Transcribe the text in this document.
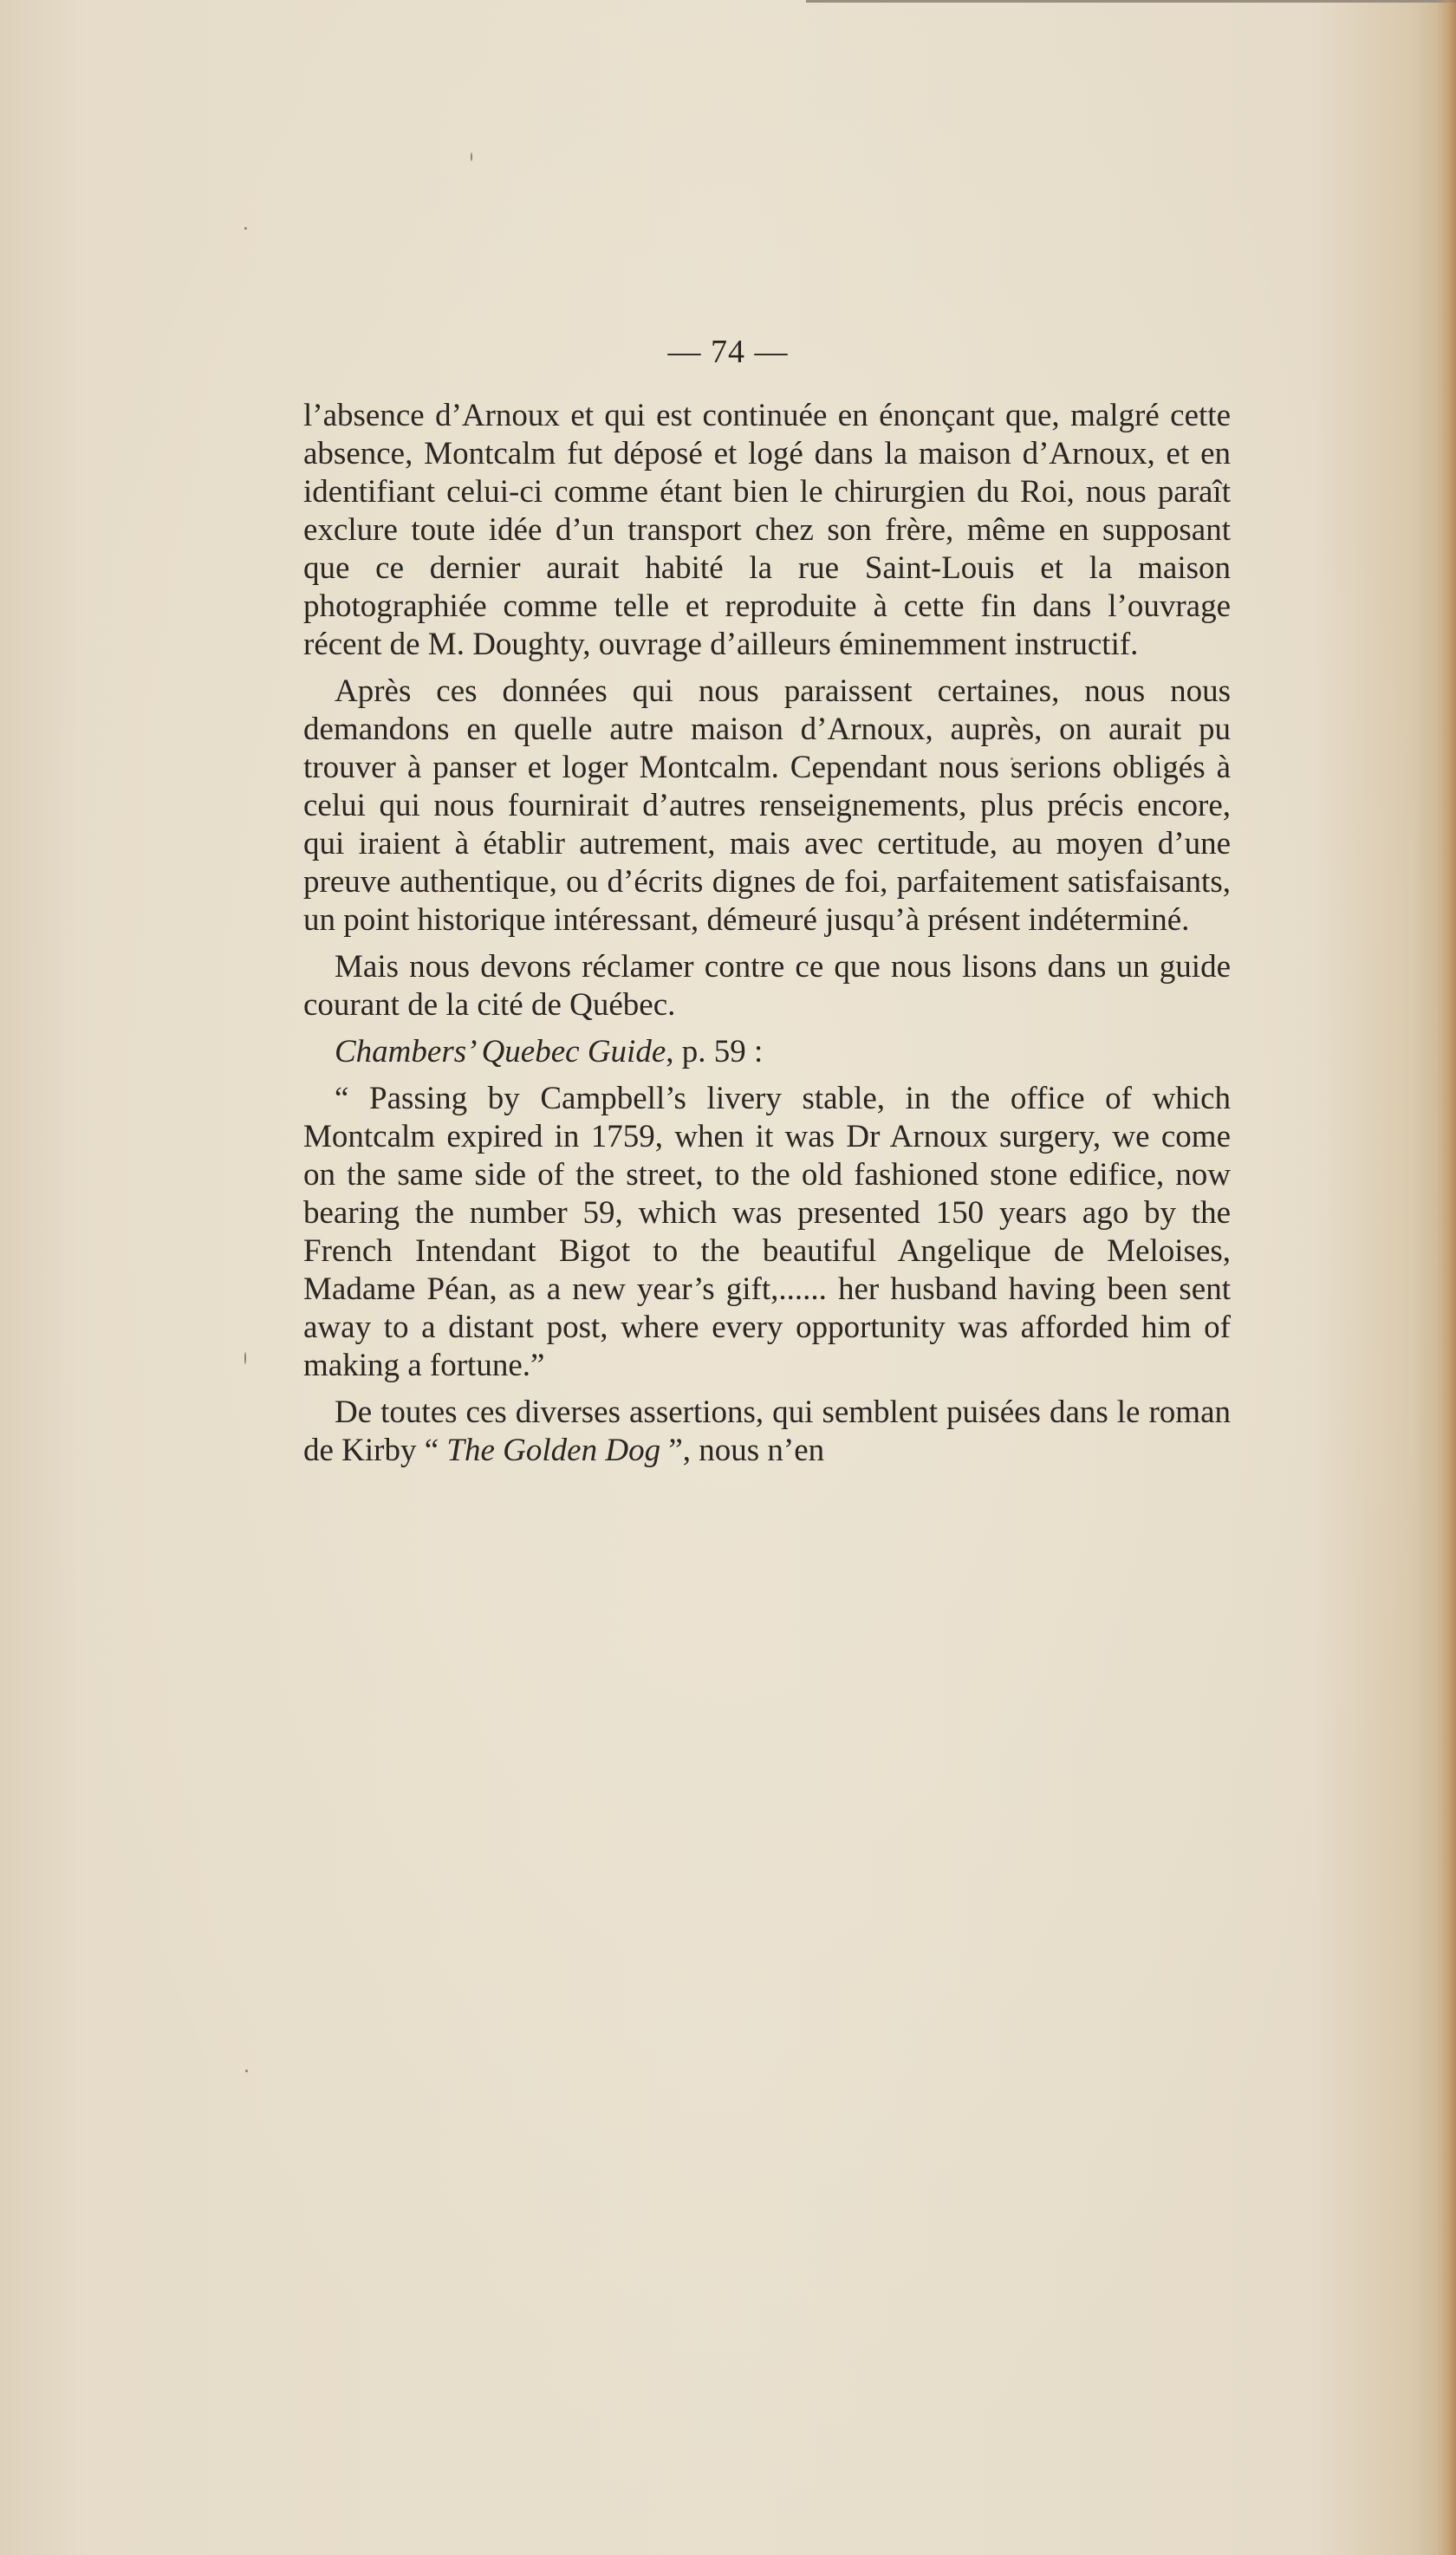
— 74 —

l’absence d’Arnoux et qui est continuée en énonçant que, malgré cette absence, Montcalm fut déposé et logé dans la maison d’Arnoux, et en identifiant celui-ci comme étant bien le chirurgien du Roi, nous paraît exclure toute idée d’un transport chez son frère, même en supposant que ce dernier aurait habité la rue Saint-Louis et la maison photographiée comme telle et reproduite à cette fin dans l’ouvrage récent de M. Doughty, ouvrage d’ailleurs éminemment instructif.

Après ces données qui nous paraissent certaines, nous nous demandons en quelle autre maison d’Arnoux, auprès, on aurait pu trouver à panser et loger Montcalm. Cependant nous serions obligés à celui qui nous fournirait d’autres renseignements, plus précis encore, qui iraient à établir autrement, mais avec certitude, au moyen d’une preuve authentique, ou d’écrits dignes de foi, parfaitement satisfaisants, un point historique intéressant, démeuré jusqu’à présent indéterminé.

Mais nous devons réclamer contre ce que nous lisons dans un guide courant de la cité de Québec.

Chambers’ Quebec Guide, p. 59 :

“ Passing by Campbell’s livery stable, in the office of which Montcalm expired in 1759, when it was Dr Arnoux surgery, we come on the same side of the street, to the old fashioned stone edifice, now bearing the number 59, which was presented 150 years ago by the French Intendant Bigot to the beautiful Angelique de Meloises, Madame Péan, as a new year’s gift,...... her husband having been sent away to a distant post, where every opportunity was afforded him of making a fortune.”

De toutes ces diverses assertions, qui semblent puisées dans le roman de Kirby “ The Golden Dog ”, nous n’en
